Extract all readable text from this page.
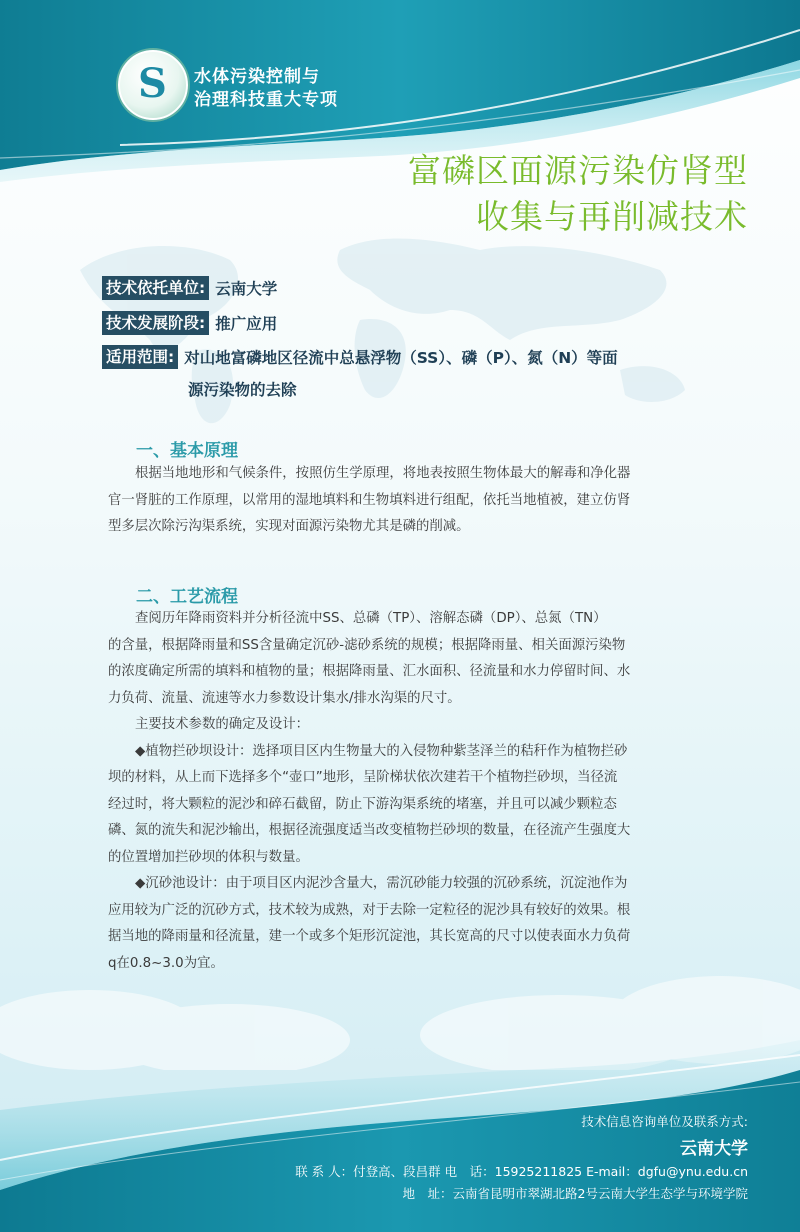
S 水体污染控制与
治理科技重大专项
富磷区面源污染仿肾型
收集与再削减技术
技术依托单位: 云南大学
技术发展阶段: 推广应用
适用范围: 对山地富磷地区径流中总悬浮物（SS）、磷（P）、氮（N）等面
源污染物的去除
一、基本原理
根据当地地形和气候条件，按照仿生学原理，将地表按照生物体最大的解毒和净化器
官一肾脏的工作原理，以常用的湿地填料和生物填料进行组配，依托当地植被，建立仿肾
型多层次除污沟渠系统，实现对面源污染物尤其是磷的削减。
二、工艺流程
查阅历年降雨资料并分析径流中SS、总磷（TP）、溶解态磷（DP）、总氮（TN）
的含量，根据降雨量和SS含量确定沉砂-滤砂系统的规模；根据降雨量、相关面源污染物
的浓度确定所需的填料和植物的量；根据降雨量、汇水面积、径流量和水力停留时间、水
力负荷、流量、流速等水力参数设计集水/排水沟渠的尺寸。
主要技术参数的确定及设计：
◆植物拦砂坝设计：选择项目区内生物量大的入侵物种紫茎泽兰的秸秆作为植物拦砂
坝的材料，从上而下选择多个“壶口”地形，呈阶梯状依次建若干个植物拦砂坝，当径流
经过时，将大颗粒的泥沙和碎石截留，防止下游沟渠系统的堵塞，并且可以减少颗粒态
磷、氮的流失和泥沙输出，根据径流强度适当改变植物拦砂坝的数量，在径流产生强度大
的位置增加拦砂坝的体积与数量。
◆沉砂池设计：由于项目区内泥沙含量大，需沉砂能力较强的沉砂系统，沉淀池作为
应用较为广泛的沉砂方式，技术较为成熟，对于去除一定粒径的泥沙具有较好的效果。根
据当地的降雨量和径流量，建一个或多个矩形沉淀池，其长宽高的尺寸以使表面水力负荷
q在0.8~3.0为宜。
技术信息咨询单位及联系方式:
云南大学
联 系 人：付登高、段昌群 电　话：15925211825 E-mail：dgfu@ynu.edu.cn
地　址：云南省昆明市翠湖北路2号云南大学生态学与环境学院
